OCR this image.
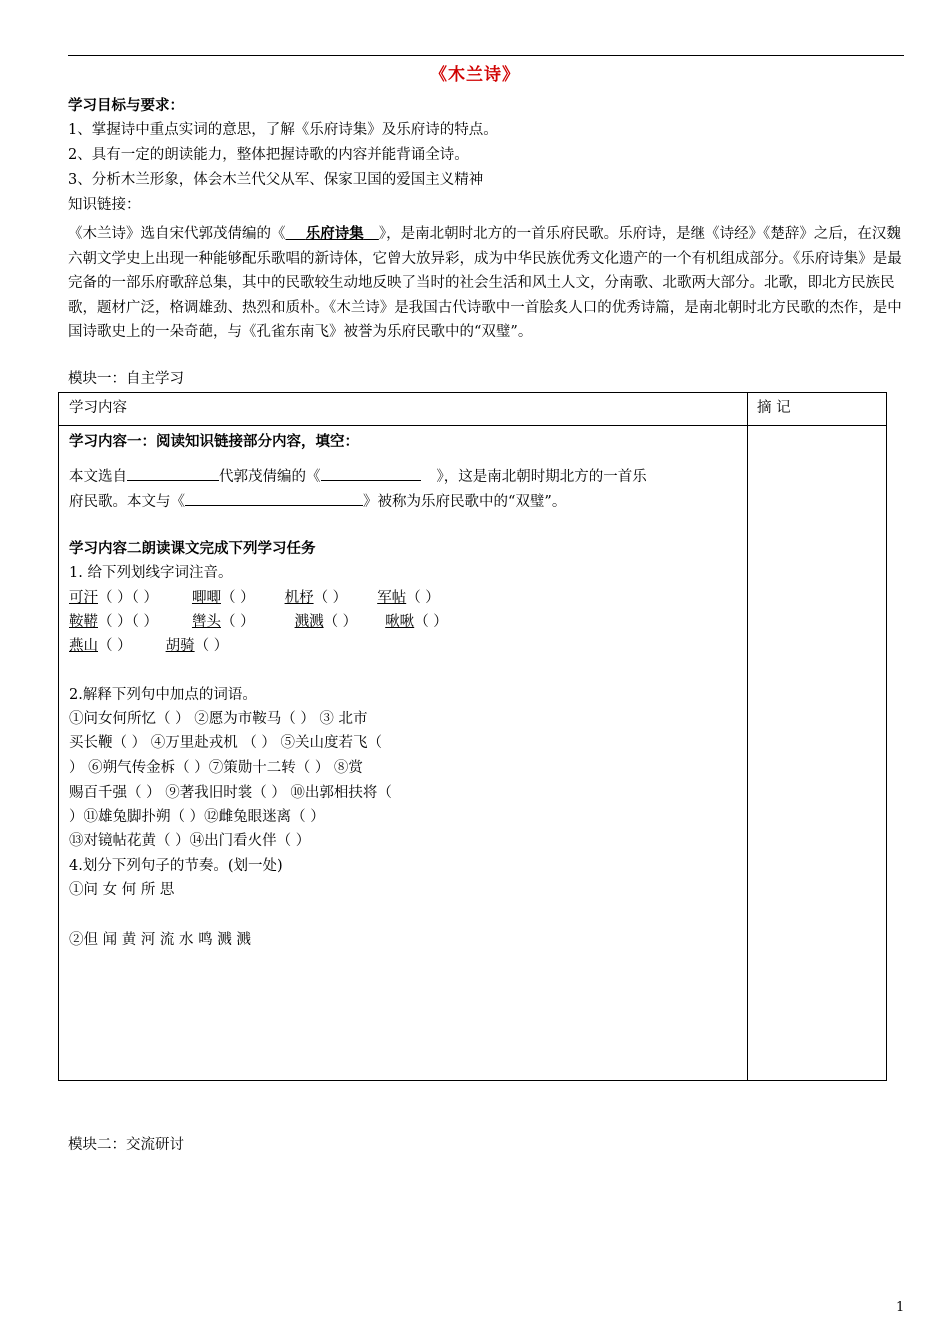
《木兰诗》
学习目标与要求：
1、掌握诗中重点实词的意思，了解《乐府诗集》及乐府诗的特点。
2、具有一定的朗读能力，整体把握诗歌的内容并能背诵全诗。
3、分析木兰形象，体会木兰代父从军、保家卫国的爱国主义精神
知识链接：
《木兰诗》选自宋代郭茂倩编的《 乐府诗集 》，是南北朝时北方的一首乐府民歌。乐府诗，是继《诗经》《楚辞》之后，在汉魏六朝文学史上出现一种能够配乐歌唱的新诗体，它曾大放异彩，成为中华民族优秀文化遗产的一个有机组成部分。《乐府诗集》是最完备的一部乐府歌辞总集，其中的民歌较生动地反映了当时的社会生活和风土人文，分南歌、北歌两大部分。北歌，即北方民族民歌，题材广泛，格调雄劲、热烈和质朴。《木兰诗》是我国古代诗歌中一首脍炙人口的优秀诗篇，是南北朝时北方民歌的杰作，是中国诗歌史上的一朵奇葩，与《孔雀东南飞》被誉为乐府民歌中的“双璧”。
模块一：自主学习
学习内容	摘 记
学习内容一：阅读知识链接部分内容，填空：
本文选自	代郭茂倩编的《	》，这是南北朝时期北方的一首乐
府民歌。本文与《	》被称为乐府民歌中的“双璧”。
学习内容二朗读课文完成下列学习任务
1. 给下列划线字词注音。
可汗（ ）（ ） 唧唧（ ） 机杼（ ） 军帖（ ）
鞍鞯（ ）（ ） 辔头（ ）	溅溅（ ） 啾啾（ ）
燕山（ ） 胡骑（ ）
2.解释下列句中加点的词语。
①问女何所忆（ ） ②愿为市鞍马（ ） ③ 北市
买长鞭（ ） ④万里赴戎机 （ ） ⑤关山度若飞（
） ⑥朔气传金柝（ ）⑦策勋十二转（ ） ⑧赏
赐百千强（ ） ⑨著我旧时裳（ ） ⑩出郭相扶将（
）⑪雄兔脚扑朔（ ）⑫雌兔眼迷离（ ）
⑬对镜帖花黄（ ）⑭出门看火伴（ ）
4.划分下列句子的节奏。(划一处)
①问 女 何 所 思
②但 闻 黄 河 流 水 鸣 溅 溅
模块二：交流研讨
1
